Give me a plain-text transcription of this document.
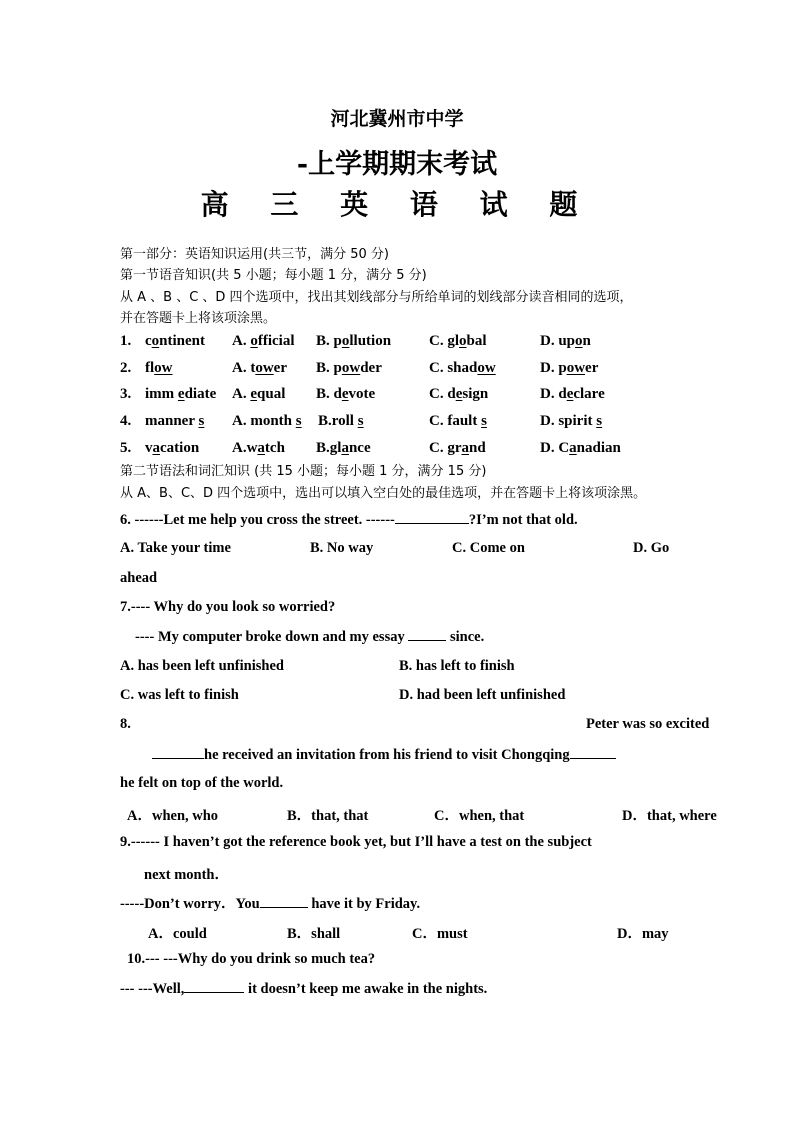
河北冀州市中学
-上学期期末考试
高 三 英 语 试 题
第一部分：英语知识运用(共三节，满分 50 分)
第一节语音知识(共 5 小题；每小题 1 分，满分 5 分)
从 A 、B 、C 、D 四个选项中，找出其划线部分与所给单词的划线部分读音相同的选项，
并在答题卡上将该项涂黑。
1. continent A. official B. pollution	C. global	D. upon
2. flow	A. tower B. powder	C. shadow	D. power
3. imm ediate A. equal B. devote	C. design	D. declare
4. manner s A. month s B.roll s	C. fault s	D. spirit s
5. vacation A.watch B.glance	C. grand	D. Canadian
第二节语法和词汇知识 (共 15 小题；每小题 1 分，满分 15 分)
从 A、B、C、D 四个选项中，选出可以填入空白处的最佳选项，并在答题卡上将该项涂黑。
6. ------Let me help you cross the street. ------	?I’m not that old.
A. Take your time	B. No way	C. Come on	D. Go
ahead
7.---- Why do you look so worried?
---- My computer broke down and my essay	since.
A. has been left unfinished	B. has left to finish
C. was left to finish	D. had been left unfinished
8.	Peter was so excited
he received an invitation from his friend to visit Chongqing
he felt on top of the world.
A．when, who	B．that, that	C．when, that	D．that, where
9.------ I haven’t got the reference book yet, but I’ll have a test on the subject
next month．
-----Don’t worry．You	have it by Friday.
A．could	B．shall	C．must	D．may
10.--- ---Why do you drink so much tea?
--- ---Well,	it doesn’t keep me awake in the nights.
